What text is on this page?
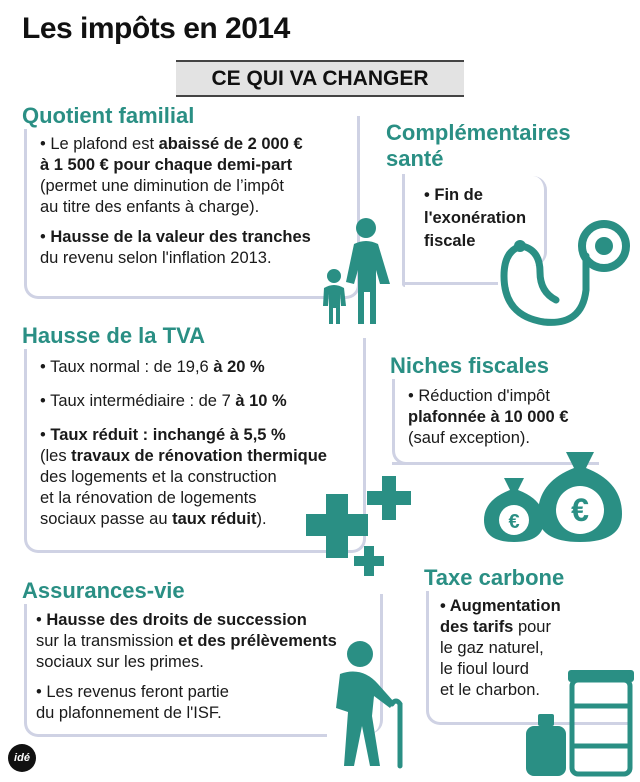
Les impôts en 2014
CE QUI VA CHANGER
Quotient familial

• Le plafond est abaissé de 2 000 €

à 1 500 € pour chaque demi-part

(permet une diminution de l’impôt

au titre des enfants à charge).

• Hausse de la valeur des tranches

du revenu selon l'inflation 2013.

Complémentaires
santé

• Fin de

l'exonération

fiscale

Hausse de la TVA

• Taux normal : de 19,6 à 20 %

• Taux intermédiaire : de 7 à 10 %

• Taux réduit : inchangé à 5,5 %

(les travaux de rénovation thermique

des logements et la construction

et la rénovation de logements

sociaux passe au taux réduit).

Niches fiscales

• Réduction d'impôt

plafonnée à 10 000 €

(sauf exception).

€
€
Assurances-vie

• Hausse des droits de succession

sur la transmission et des prélèvements

sociaux sur les primes.

• Les revenus feront partie

du plafonnement de l'ISF.

Taxe carbone

• Augmentation

des tarifs pour

le gaz naturel,

le fioul lourd

et le charbon.

idé
